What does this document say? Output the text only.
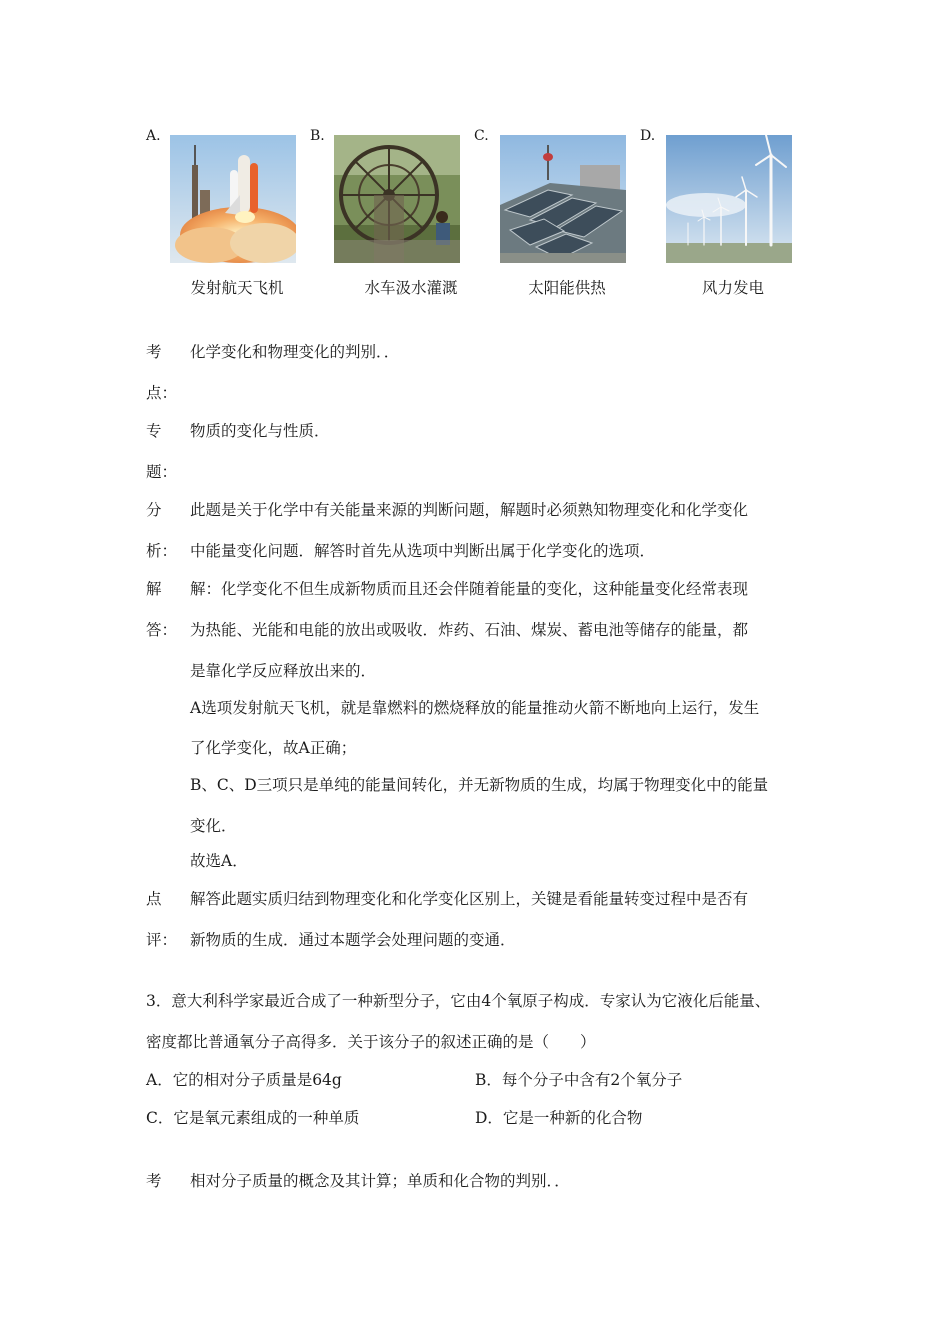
A.	B.	C.	D.
发射航天飞机	水车汲水灌溉	太阳能供热	风力发电
考 化学变化和物理变化的判别．．
点：
专 物质的变化与性质．
题：
分 此题是关于化学中有关能量来源的判断问题，解题时必须熟知物理变化和化学变化
析： 中能量变化问题．解答时首先从选项中判断出属于化学变化的选项．
解 解：化学变化不但生成新物质而且还会伴随着能量的变化，这种能量变化经常表现
答： 为热能、光能和电能的放出或吸收．炸药、石油、煤炭、蓄电池等储存的能量，都
是靠化学反应释放出来的．
A选项发射航天飞机，就是靠燃料的燃烧释放的能量推动火箭不断地向上运行，发生
了化学变化，故A正确；
B、C、D三项只是单纯的能量间转化，并无新物质的生成，均属于物理变化中的能量
变化．
故选A．
点 解答此题实质归结到物理变化和化学变化区别上，关键是看能量转变过程中是否有
评： 新物质的生成．通过本题学会处理问题的变通．
3．意大利科学家最近合成了一种新型分子，它由4个氧原子构成．专家认为它液化后能量、
密度都比普通氧分子高得多．关于该分子的叙述正确的是（　　）
A．它的相对分子质量是64g	B．每个分子中含有2个氧分子
C．它是氧元素组成的一种单质	D．它是一种新的化合物
考 相对分子质量的概念及其计算；单质和化合物的判别．．
